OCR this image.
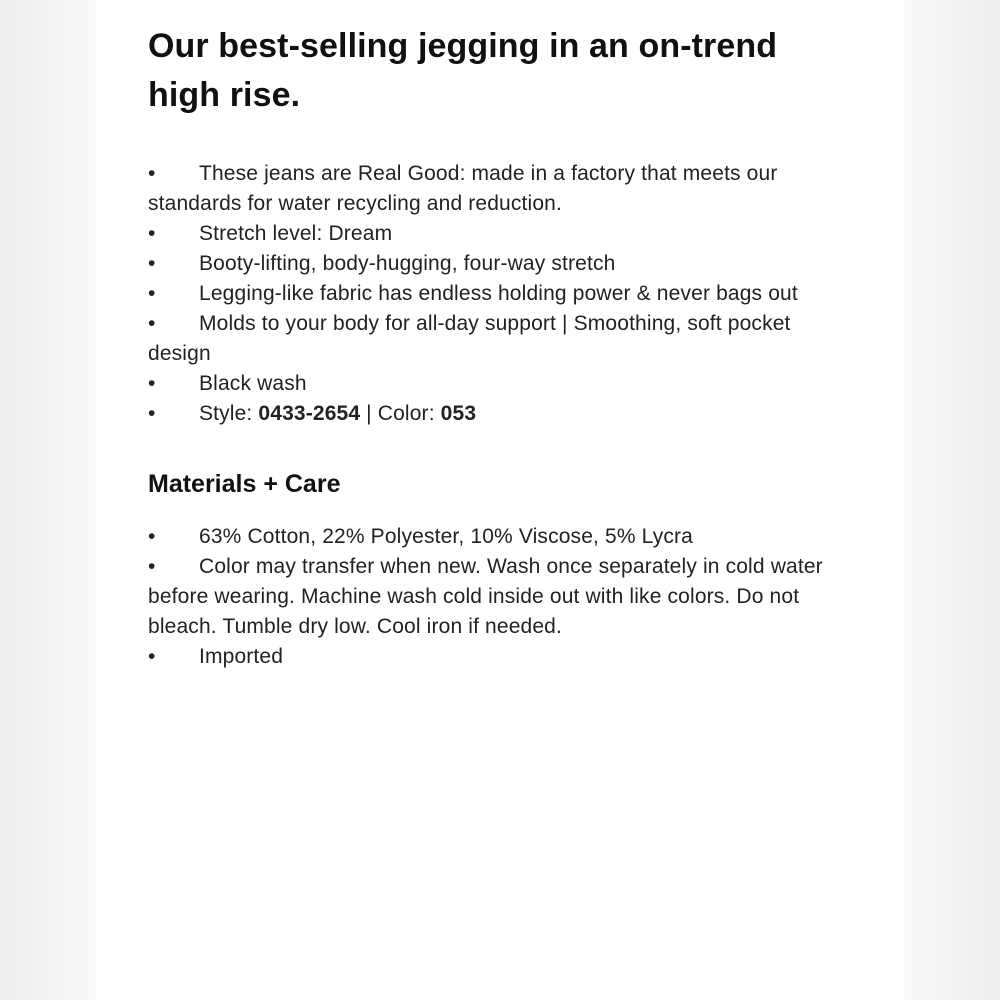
Our best-selling jegging in an on-trend high rise.
• These jeans are Real Good: made in a factory that meets our standards for water recycling and reduction.
• Stretch level: Dream
• Booty-lifting, body-hugging, four-way stretch
• Legging-like fabric has endless holding power & never bags out
• Molds to your body for all-day support | Smoothing, soft pocket design
• Black wash
• Style: 0433-2654 | Color: 053
Materials + Care
• 63% Cotton, 22% Polyester, 10% Viscose, 5% Lycra
• Color may transfer when new. Wash once separately in cold water before wearing. Machine wash cold inside out with like colors. Do not bleach. Tumble dry low. Cool iron if needed.
• Imported
